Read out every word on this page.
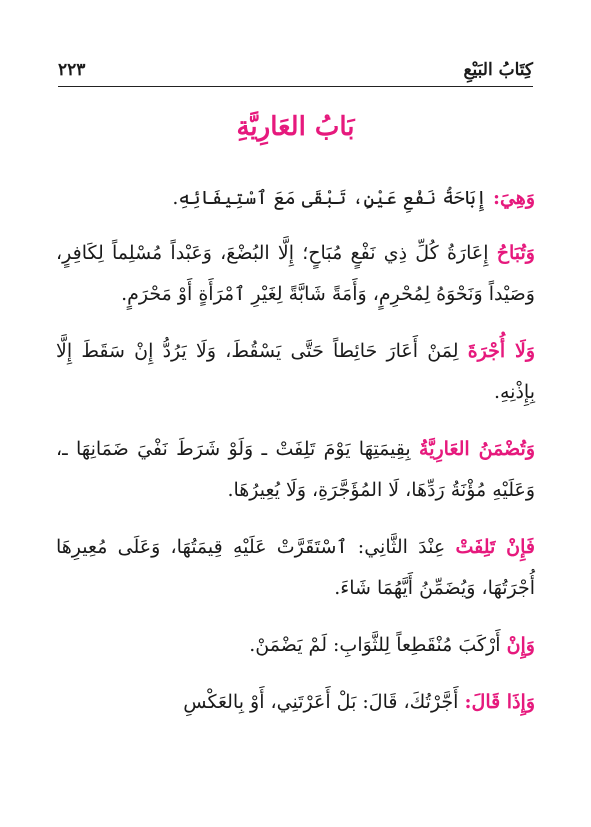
كِتَابُ البَيْعِ
٢٢٣
بَابُ العَارِيَّةِ

وَهِيَ: إِبَاحَةُ نَفْعِ عَيْنٍ، تَبْقَى مَعَ ٱسْتِيفَائِهِ.

وَتُبَاحُ إِعَارَةُ كُلِّ ذِي نَفْعٍ مُبَاحٍ؛ إِلَّا البُضْعَ، وَعَبْداً مُسْلِماً لِكَافِرٍ، وَصَيْداً وَنَحْوَهُ لِمُحْرِمٍ، وَأَمَةً شَابَّةً لِغَيْرِ ٱمْرَأَةٍ أَوْ مَحْرَمٍ.

وَلَا أُجْرَةَ لِمَنْ أَعَارَ حَائِطاً حَتَّى يَسْقُطَ، وَلَا يَرُدُّ إِنْ سَقَطَ إِلَّا بِإِذْنِهِ.

وَتُضْمَنُ العَارِيَّةُ بِقِيمَتِهَا يَوْمَ تَلِفَتْ ـ وَلَوْ شَرَطَ نَفْيَ ضَمَانِهَا ـ، وَعَلَيْهِ مُؤْنَةُ رَدِّهَا، لَا المُؤَجَّرَةِ، وَلَا يُعِيرُهَا.

فَإِنْ تَلِفَتْ عِنْدَ الثَّانِي: ٱسْتَقَرَّتْ عَلَيْهِ قِيمَتُهَا، وَعَلَى مُعِيرِهَا أُجْرَتُهَا، وَيُضَمِّنُ أَيَّهُمَا شَاءَ.

وَإِنْ أَرْكَبَ مُنْقَطِعاً لِلثَّوَابِ: لَمْ يَضْمَنْ.

وَإِذَا قَالَ: أَجَّرْتُكَ، قَالَ: بَلْ أَعَرْتَنِي، أَوْ بِالعَكْسِ
